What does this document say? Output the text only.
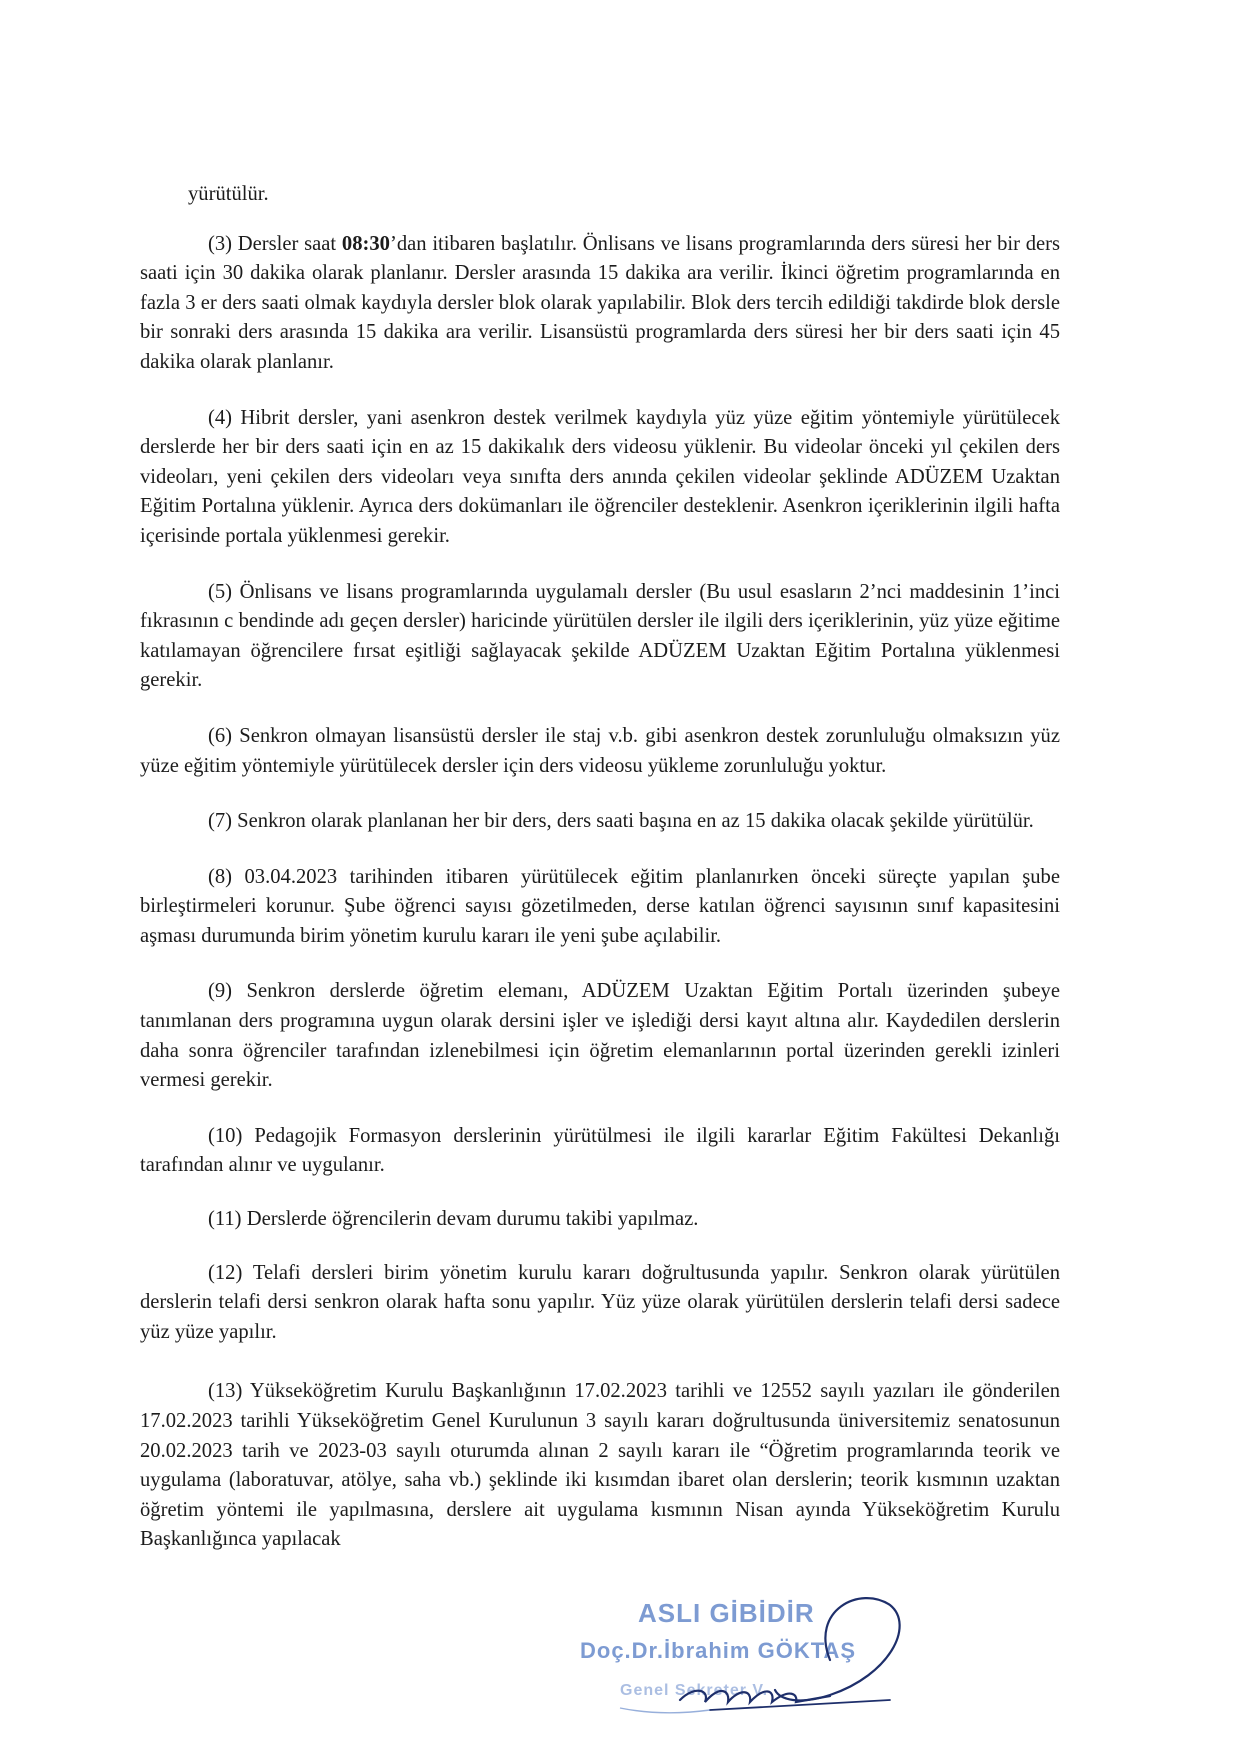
yürütülür.

(3) Dersler saat 08:30’dan itibaren başlatılır. Önlisans ve lisans programlarında ders süresi her bir ders saati için 30 dakika olarak planlanır. Dersler arasında 15 dakika ara verilir. İkinci öğretim programlarında en fazla 3 er ders saati olmak kaydıyla dersler blok olarak yapılabilir. Blok ders tercih edildiği takdirde blok dersle bir sonraki ders arasında 15 dakika ara verilir. Lisansüstü programlarda ders süresi her bir ders saati için 45 dakika olarak planlanır.

(4) Hibrit dersler, yani asenkron destek verilmek kaydıyla yüz yüze eğitim yöntemiyle yürütülecek derslerde her bir ders saati için en az 15 dakikalık ders videosu yüklenir. Bu videolar önceki yıl çekilen ders videoları, yeni çekilen ders videoları veya sınıfta ders anında çekilen videolar şeklinde ADÜZEM Uzaktan Eğitim Portalına yüklenir. Ayrıca ders dokümanları ile öğrenciler desteklenir. Asenkron içeriklerinin ilgili hafta içerisinde portala yüklenmesi gerekir.

(5) Önlisans ve lisans programlarında uygulamalı dersler (Bu usul esasların 2’nci maddesinin 1’inci fıkrasının c bendinde adı geçen dersler) haricinde yürütülen dersler ile ilgili ders içeriklerinin, yüz yüze eğitime katılamayan öğrencilere fırsat eşitliği sağlayacak şekilde ADÜZEM Uzaktan Eğitim Portalına yüklenmesi gerekir.

(6) Senkron olmayan lisansüstü dersler ile staj v.b. gibi asenkron destek zorunluluğu olmaksızın yüz yüze eğitim yöntemiyle yürütülecek dersler için ders videosu yükleme zorunluluğu yoktur.

(7) Senkron olarak planlanan her bir ders, ders saati başına en az 15 dakika olacak şekilde yürütülür.

(8) 03.04.2023 tarihinden itibaren yürütülecek eğitim planlanırken önceki süreçte yapılan şube birleştirmeleri korunur. Şube öğrenci sayısı gözetilmeden, derse katılan öğrenci sayısının sınıf kapasitesini aşması durumunda birim yönetim kurulu kararı ile yeni şube açılabilir.

(9) Senkron derslerde öğretim elemanı, ADÜZEM Uzaktan Eğitim Portalı üzerinden şubeye tanımlanan ders programına uygun olarak dersini işler ve işlediği dersi kayıt altına alır. Kaydedilen derslerin daha sonra öğrenciler tarafından izlenebilmesi için öğretim elemanlarının portal üzerinden gerekli izinleri vermesi gerekir.

(10) Pedagojik Formasyon derslerinin yürütülmesi ile ilgili kararlar Eğitim Fakültesi Dekanlığı tarafından alınır ve uygulanır.

(11) Derslerde öğrencilerin devam durumu takibi yapılmaz.

(12) Telafi dersleri birim yönetim kurulu kararı doğrultusunda yapılır. Senkron olarak yürütülen derslerin telafi dersi senkron olarak hafta sonu yapılır. Yüz yüze olarak yürütülen derslerin telafi dersi sadece yüz yüze yapılır.

(13) Yükseköğretim Kurulu Başkanlığının 17.02.2023 tarihli ve 12552 sayılı yazıları ile gönderilen 17.02.2023 tarihli Yükseköğretim Genel Kurulunun 3 sayılı kararı doğrultusunda üniversitemiz senatosunun 20.02.2023 tarih ve 2023-03 sayılı oturumda alınan 2 sayılı kararı ile “Öğretim programlarında teorik ve uygulama (laboratuvar, atölye, saha vb.) şeklinde iki kısımdan ibaret olan derslerin; teorik kısmının uzaktan öğretim yöntemi ile yapılmasına, derslere ait uygulama kısmının Nisan ayında Yükseköğretim Kurulu Başkanlığınca yapılacak

ASLI GİBİDİR
Doç.Dr.İbrahim GÖKTAŞ
Genel Sekreter V.
